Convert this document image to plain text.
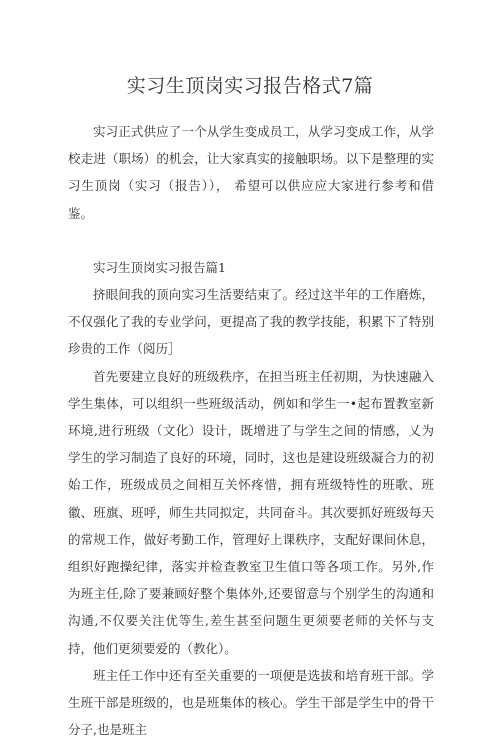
实习生顶岗实习报告格式7篇

实习正式供应了一个从学生变成员工，从学习变成工作，从学校走进（职场）的机会，让大家真实的接触职场。以下是整理的实习生顶岗（实习（报告））， 希望可以供应应大家进行参考和借鉴。

实习生顶岗实习报告篇1

挤眼间我的顶向实习生活要结束了。经过这半年的工作磨炼，不仅强化了我的专业学问，更提高了我的教学技能，积累下了特别珍贵的工作（阅历］

首先要建立良好的班级秩序，在担当班主任初期，为快速融入学生集体，可以组织一些班级活动，例如和学生一•起布置教室新环境,进行班级（文化）设计，既增进了与学生之间的情感，乂为学生的学习制造了良好的环境，同时，这也是建设班级凝合力的初始工作，班级成员之间相互关怀疼惜，拥有班级特性的班歌、班徽、班旗、班呼，师生共同拟定，共同奋斗。其次要抓好班级每天的常规工作，做好考勤工作，管理好上课秩序，支配好课间休息，组织好跑操纪律，落实并检查教室卫生值口等各项工作。另外,作为班主任,除了要兼顾好整个集体外,还要留意与个别学生的沟通和沟通,不仅要关注优等生,差生甚至问题生更须要老师的关怀与支持，他们更须要爱的（教化）。

班主任工作中还有至关重要的一项便是选拔和培育班干部。学生班干部是班级的，也是班集体的核心。学生干部是学生中的骨干分子,也是班主
